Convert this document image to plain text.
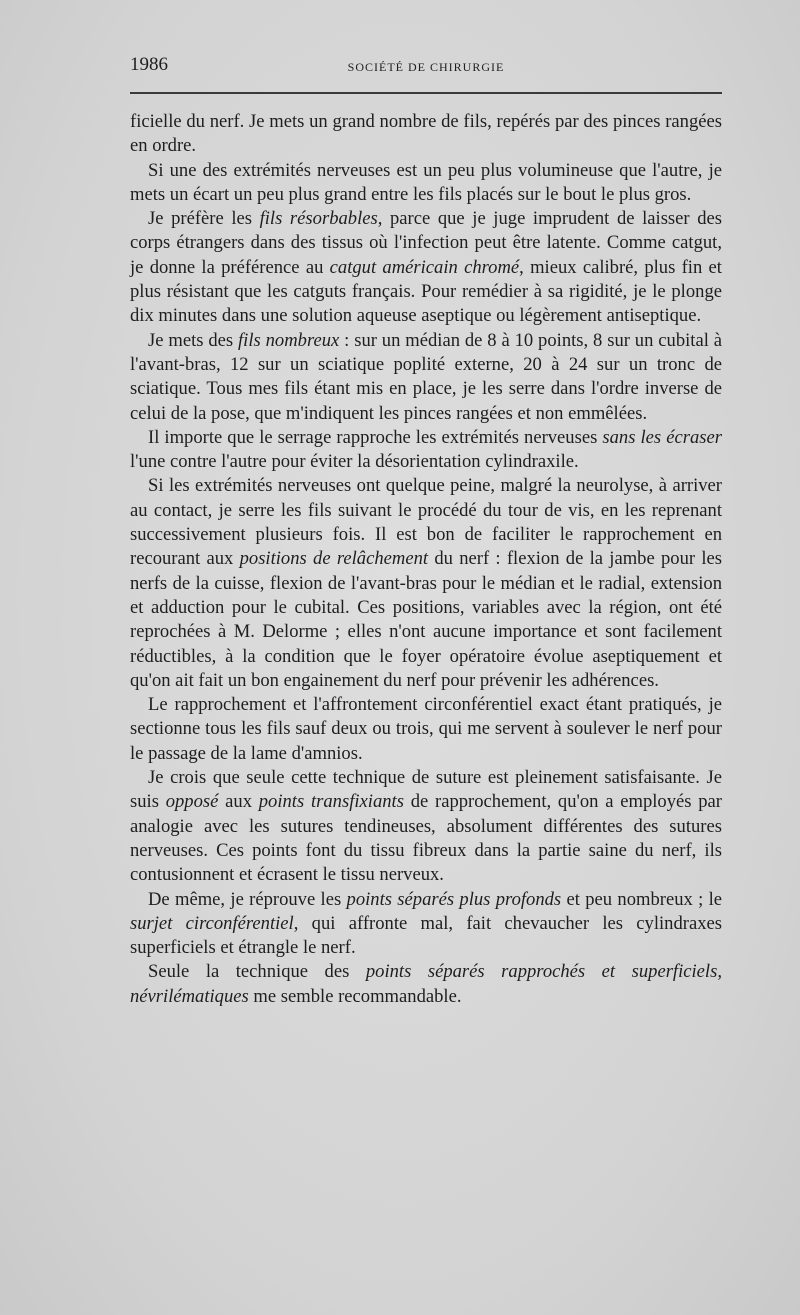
1986	SOCIÉTÉ DE CHIRURGIE

ficielle du nerf. Je mets un grand nombre de fils, repérés par des pinces rangées en ordre.

Si une des extrémités nerveuses est un peu plus volumineuse que l'autre, je mets un écart un peu plus grand entre les fils placés sur le bout le plus gros.

Je préfère les fils résorbables, parce que je juge imprudent de laisser des corps étrangers dans des tissus où l'infection peut être latente. Comme catgut, je donne la préférence au catgut américain chromé, mieux calibré, plus fin et plus résistant que les catguts français. Pour remédier à sa rigidité, je le plonge dix minutes dans une solution aqueuse aseptique ou légèrement antiseptique.

Je mets des fils nombreux : sur un médian de 8 à 10 points, 8 sur un cubital à l'avant-bras, 12 sur un sciatique poplité externe, 20 à 24 sur un tronc de sciatique. Tous mes fils étant mis en place, je les serre dans l'ordre inverse de celui de la pose, que m'indiquent les pinces rangées et non emmêlées.

Il importe que le serrage rapproche les extrémités nerveuses sans les écraser l'une contre l'autre pour éviter la désorientation cylindraxile.

Si les extrémités nerveuses ont quelque peine, malgré la neurolyse, à arriver au contact, je serre les fils suivant le procédé du tour de vis, en les reprenant successivement plusieurs fois. Il est bon de faciliter le rapprochement en recourant aux positions de relâchement du nerf : flexion de la jambe pour les nerfs de la cuisse, flexion de l'avant-bras pour le médian et le radial, extension et adduction pour le cubital. Ces positions, variables avec la région, ont été reprochées à M. Delorme ; elles n'ont aucune importance et sont facilement réductibles, à la condition que le foyer opératoire évolue aseptiquement et qu'on ait fait un bon engainement du nerf pour prévenir les adhérences.

Le rapprochement et l'affrontement circonférentiel exact étant pratiqués, je sectionne tous les fils sauf deux ou trois, qui me servent à soulever le nerf pour le passage de la lame d'amnios.

Je crois que seule cette technique de suture est pleinement satisfaisante. Je suis opposé aux points transfixiants de rapprochement, qu'on a employés par analogie avec les sutures tendineuses, absolument différentes des sutures nerveuses. Ces points font du tissu fibreux dans la partie saine du nerf, ils contusionnent et écrasent le tissu nerveux.

De même, je réprouve les points séparés plus profonds et peu nombreux ; le surjet circonférentiel, qui affronte mal, fait chevaucher les cylindraxes superficiels et étrangle le nerf.

Seule la technique des points séparés rapprochés et superficiels, névrilématiques me semble recommandable.
